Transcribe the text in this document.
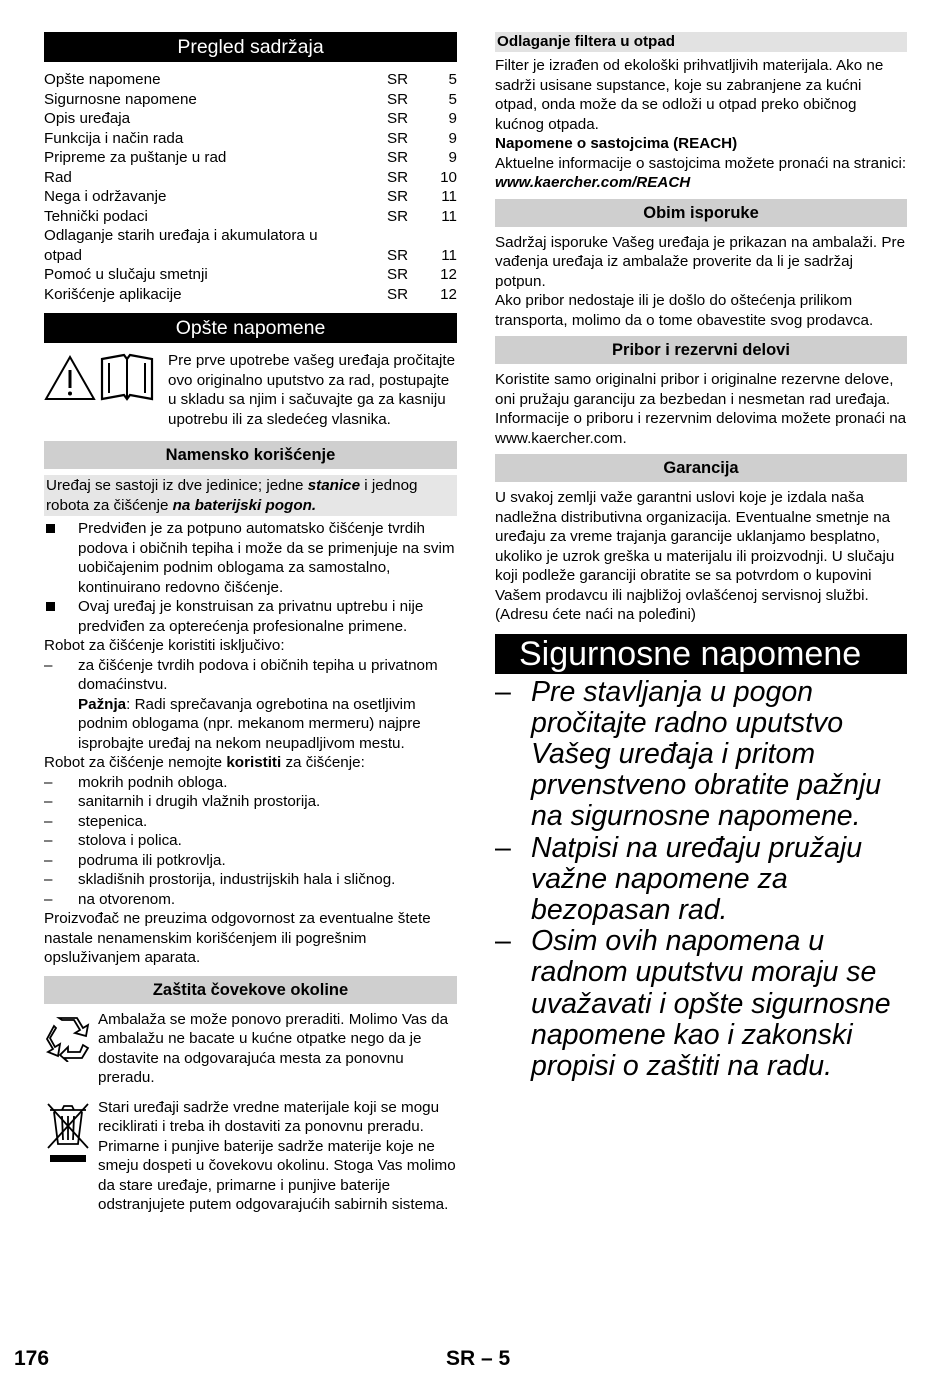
Pregled sadržaja
Opšte napomene	SR	5
Sigurnosne napomene	SR	5
Opis uređaja	SR	9
Funkcija i način rada	SR	9
Pripreme za puštanje u rad	SR	9
Rad	SR	10
Nega i održavanje	SR	11
Tehnički podaci	SR	11
Odlaganje starih uređaja i akumulatora u otpad	SR	11
Pomoć u slučaju smetnji	SR	12
Korišćenje aplikacije	SR	12
Opšte napomene

Pre prve upotrebe vašeg uređaja pročitajte ovo originalno uputstvo za rad, postupajte u skladu sa njim i sačuvajte ga za kasniju upotrebu ili za sledećeg vlasnika.

Namensko korišćenje
Uređaj se sastoji iz dve jedinice; jedne stanice i jednog robota za čišćenje na baterijski pogon.
Predviđen je za potpuno automatsko čišćenje tvrdih podova i običnih tepiha i može da se primenjuje na svim uobičajenim podnim oblogama za samostalno, kontinuirano redovno čišćenje.
Ovaj uređaj je konstruisan za privatnu uptrebu i nije predviđen za opterećenja profesionalne primene.

Robot za čišćenje koristiti isključivo:

– za čišćenje tvrdih podova i običnih tepiha u privatnom domaćinstvu.
Pažnja: Radi sprečavanja ogrebotina na osetljivim podnim oblogama (npr. mekanom mermeru) najpre isprobajte uređaj na nekom neupadljivom mestu.

Robot za čišćenje nemojte koristiti za čišćenje:

– mokrih podnih obloga.
– sanitarnih i drugih vlažnih prostorija.
– stepenica.
– stolova i polica.
– podruma ili potkrovlja.
– skladišnih prostorija, industrijskih hala i sličnog.
– na otvorenom.

Proizvođač ne preuzima odgovornost za eventualne štete nastale nenamenskim korišćenjem ili pogrešnim opsluživanjem aparata.

Zaštita čovekove okoline

Ambalaža se može ponovo preraditi. Molimo Vas da ambalažu ne bacate u kućne otpatke nego da je dostavite na odgovarajuća mesta za ponovnu preradu.

Stari uređaji sadrže vredne materijale koji se mogu reciklirati i treba ih dostaviti za ponovnu preradu. Primarne i punjive baterije sadrže materije koje ne smeju dospeti u čovekovu okolinu. Stoga Vas molimo da stare uređaje, primarne i punjive baterije odstranjujete putem odgovarajućih sabirnih sistema.

Odlaganje filtera u otpad

Filter je izrađen od ekološki prihvatljivih materijala. Ako ne sadrži usisane supstance, koje su zabranjene za kućni otpad, onda može da se odloži u otpad preko običnog kućnog otpada.

Napomene o sastojcima (REACH)

Aktuelne informacije o sastojcima možete pronaći na stranici:

www.kaercher.com/REACH

Obim isporuke

Sadržaj isporuke Vašeg uređaja je prikazan na ambalaži. Pre vađenja uređaja iz ambalaže proverite da li je sadržaj potpun.

Ako pribor nedostaje ili je došlo do oštećenja prilikom transporta, molimo da o tome obavestite svog prodavca.

Pribor i rezervni delovi

Koristite samo originalni pribor i originalne rezervne delove, oni pružaju garanciju za bezbedan i nesmetan rad uređaja.

Informacije o priboru i rezervnim delovima možete pronaći na www.kaercher.com.

Garancija

U svakoj zemlji važe garantni uslovi koje je izdala naša nadležna distributivna organizacija. Eventualne smetnje na uređaju za vreme trajanja garancije uklanjamo besplatno, ukoliko je uzrok greška u materijalu ili proizvodnji. U slučaju koji podleže garanciji obratite se sa potvrdom o kupovini Vašem prodavcu ili najbližoj ovlašćenoj servisnoj službi.

(Adresu ćete naći na poleđini)

Sigurnosne napomene
– Pre stavljanja u pogon pročitajte radno uputstvo Vašeg uređaja i pritom prvenstveno obratite pažnju na sigurnosne napomene.
– Natpisi na uređaju pružaju važne napomene za bezopasan rad.
– Osim ovih napomena u radnom uputstvu moraju se uvažavati i opšte sigurnosne napomene kao i zakonski propisi o zaštiti na radu.
176	SR – 5
